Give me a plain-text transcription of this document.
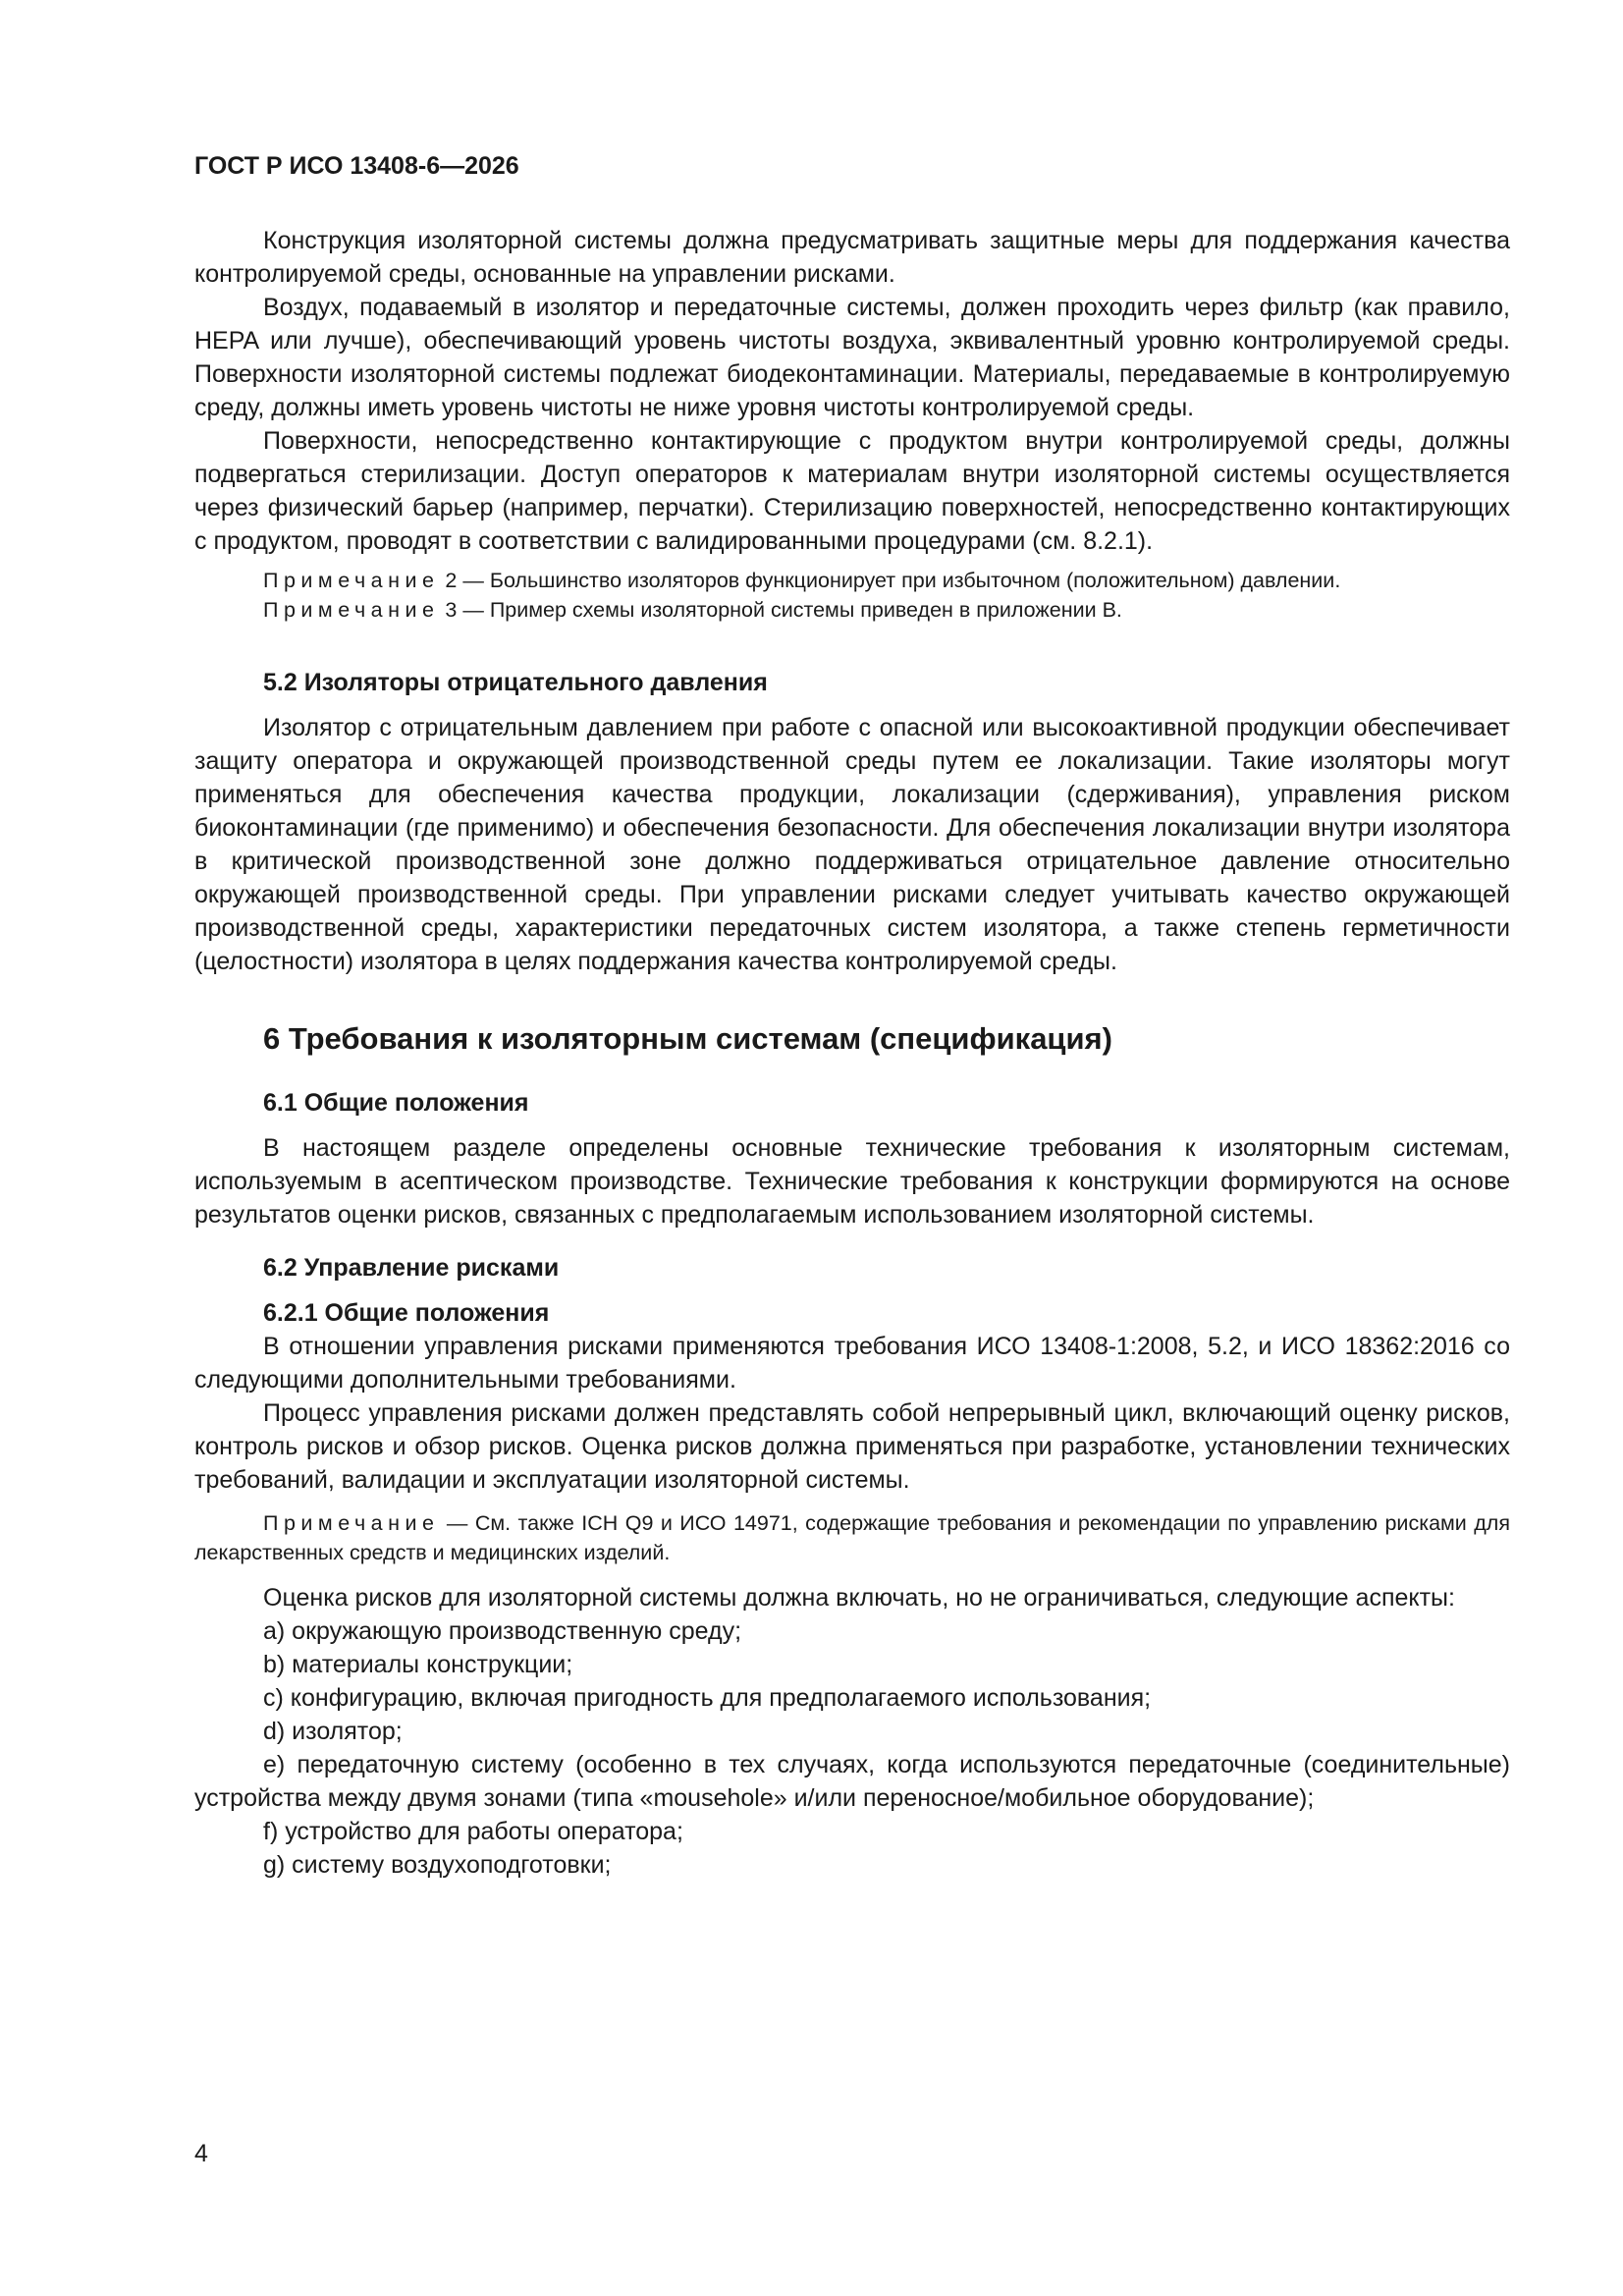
ГОСТ Р ИСО 13408-6—2026

Конструкция изоляторной системы должна предусматривать защитные меры для поддержания качества контролируемой среды, основанные на управлении рисками.

Воздух, подаваемый в изолятор и передаточные системы, должен проходить через фильтр (как правило, HEPA или лучше), обеспечивающий уровень чистоты воздуха, эквивалентный уровню контролируемой среды. Поверхности изоляторной системы подлежат биодеконтаминации. Материалы, передаваемые в контролируемую среду, должны иметь уровень чистоты не ниже уровня чистоты контролируемой среды.

Поверхности, непосредственно контактирующие с продуктом внутри контролируемой среды, должны подвергаться стерилизации. Доступ операторов к материалам внутри изоляторной системы осуществляется через физический барьер (например, перчатки). Стерилизацию поверхностей, непосредственно контактирующих с продуктом, проводят в соответствии с валидированными процедурами (см. 8.2.1).

Примечание 2 — Большинство изоляторов функционирует при избыточном (положительном) давлении.

Примечание 3 — Пример схемы изоляторной системы приведен в приложении В.

5.2 Изоляторы отрицательного давления

Изолятор с отрицательным давлением при работе с опасной или высокоактивной продукции обеспечивает защиту оператора и окружающей производственной среды путем ее локализации. Такие изоляторы могут применяться для обеспечения качества продукции, локализации (сдерживания), управления риском биоконтаминации (где применимо) и обеспечения безопасности. Для обеспечения локализации внутри изолятора в критической производственной зоне должно поддерживаться отрицательное давление относительно окружающей производственной среды. При управлении рисками следует учитывать качество окружающей производственной среды, характеристики передаточных систем изолятора, а также степень герметичности (целостности) изолятора в целях поддержания качества контролируемой среды.

6 Требования к изоляторным системам (спецификация)
6.1 Общие положения

В настоящем разделе определены основные технические требования к изоляторным системам, используемым в асептическом производстве. Технические требования к конструкции формируются на основе результатов оценки рисков, связанных с предполагаемым использованием изоляторной системы.

6.2 Управление рисками
6.2.1 Общие положения

В отношении управления рисками применяются требования ИСО 13408-1:2008, 5.2, и ИСО 18362:2016 со следующими дополнительными требованиями.

Процесс управления рисками должен представлять собой непрерывный цикл, включающий оценку рисков, контроль рисков и обзор рисков. Оценка рисков должна применяться при разработке, установлении технических требований, валидации и эксплуатации изоляторной системы.

Примечание — См. также ICH Q9 и ИСО 14971, содержащие требования и рекомендации по управлению рисками для лекарственных средств и медицинских изделий.

Оценка рисков для изоляторной системы должна включать, но не ограничиваться, следующие аспекты:

a) окружающую производственную среду;

b) материалы конструкции;

c) конфигурацию, включая пригодность для предполагаемого использования;

d) изолятор;

e) передаточную систему (особенно в тех случаях, когда используются передаточные (соединительные) устройства между двумя зонами (типа «mousehole» и/или переносное/мобильное оборудование);

f) устройство для работы оператора;

g) систему воздухоподготовки;

4
